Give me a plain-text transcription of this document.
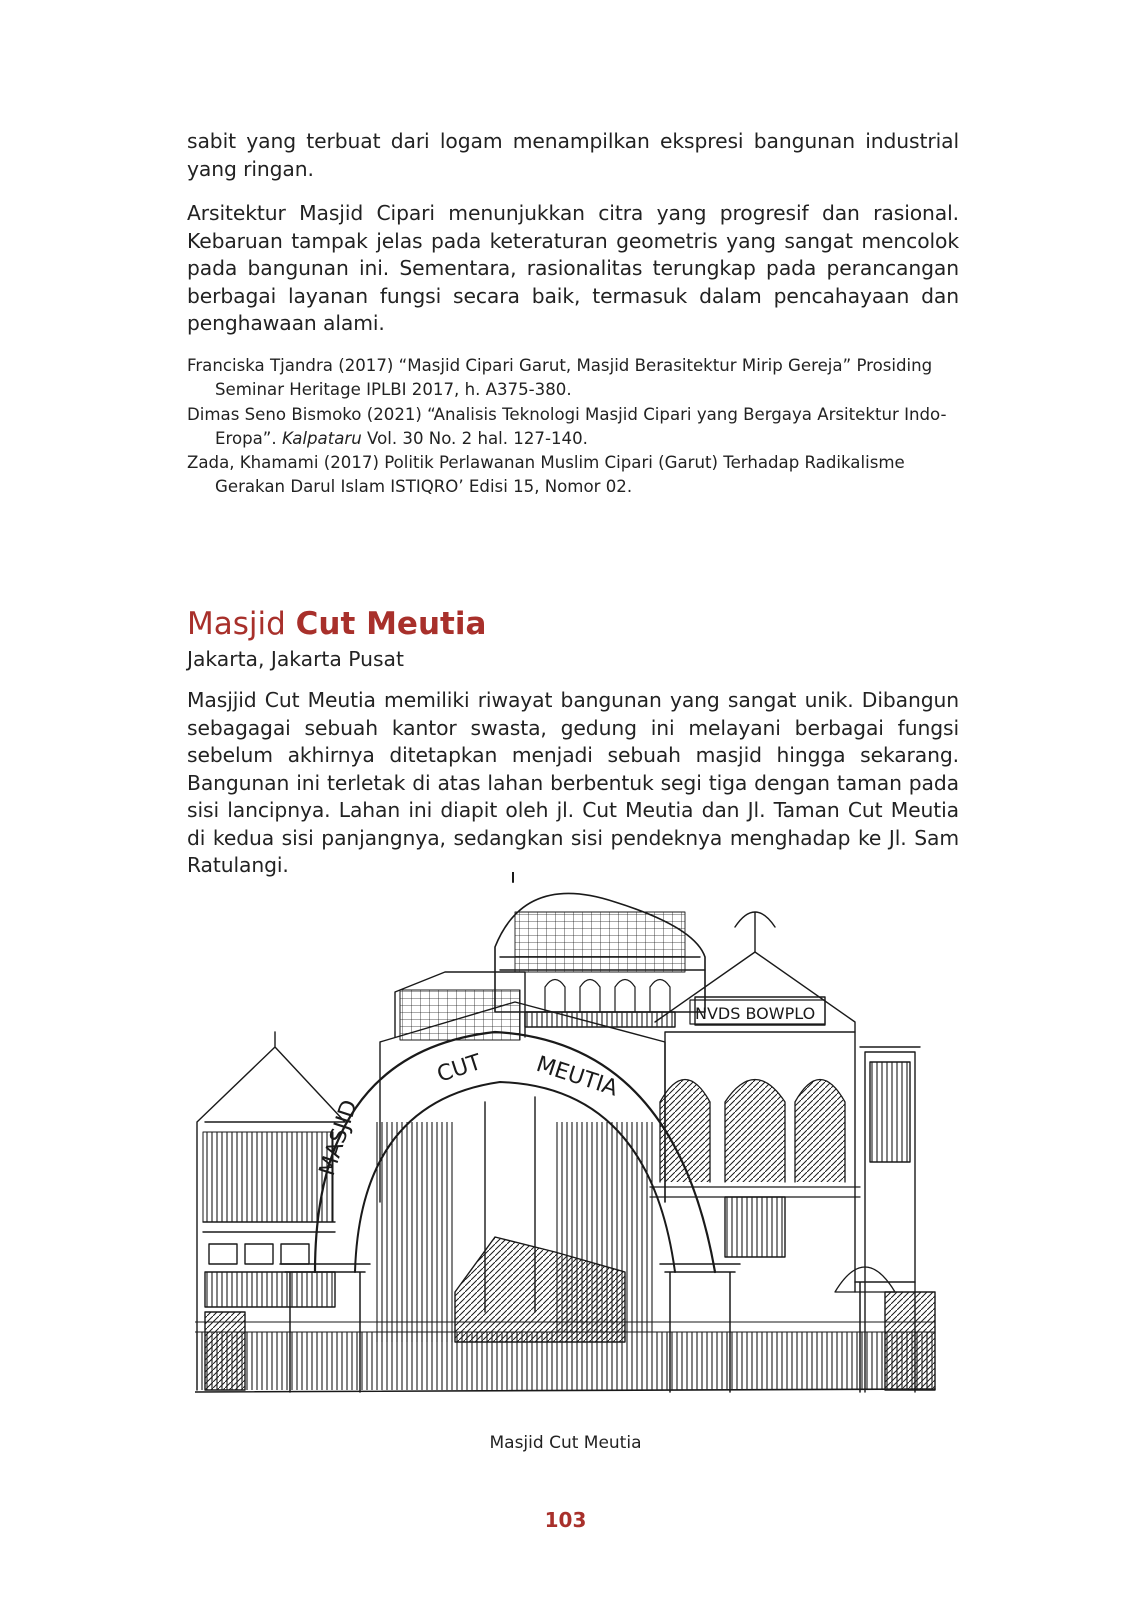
sabit yang terbuat dari logam menampilkan ekspresi bangunan industrial yang ringan.

Arsitektur Masjid Cipari menunjukkan citra yang progresif dan rasional. Kebaruan tampak jelas pada keteraturan geometris yang sangat mencolok pada bangunan ini. Sementara, rasionalitas terungkap pada perancangan berbagai layanan fungsi secara baik, termasuk dalam pencahayaan dan penghawaan alami.

Franciska Tjandra (2017) “Masjid Cipari Garut, Masjid Berasitektur Mirip Gereja” Prosiding Seminar Heritage IPLBI 2017, h. A375-380.

Dimas Seno Bismoko (2021) “Analisis Teknologi Masjid Cipari yang Bergaya Arsitektur Indo-Eropa”. Kalpataru Vol. 30 No. 2 hal. 127-140.

Zada, Khamami (2017) Politik Perlawanan Muslim Cipari (Garut) Terhadap Radikalisme Gerakan Darul Islam ISTIQRO’ Edisi 15, Nomor 02.

Masjid Cut Meutia

Jakarta, Jakarta Pusat

Masjjid Cut Meutia memiliki riwayat bangunan yang sangat unik. Dibangun sebagagai sebuah kantor swasta, gedung ini melayani berbagai fungsi sebelum akhirnya ditetapkan menjadi sebuah masjid hingga sekarang. Bangunan ini terletak di atas lahan berbentuk segi tiga dengan taman pada sisi lancipnya. Lahan ini diapit oleh jl. Cut Meutia dan Jl. Taman Cut Meutia di kedua sisi panjangnya, sedangkan sisi pendeknya menghadap ke Jl. Sam Ratulangi.

NVDS BOWPLO
MASJID
CUT MEUTIA
Masjid Cut Meutia
103
